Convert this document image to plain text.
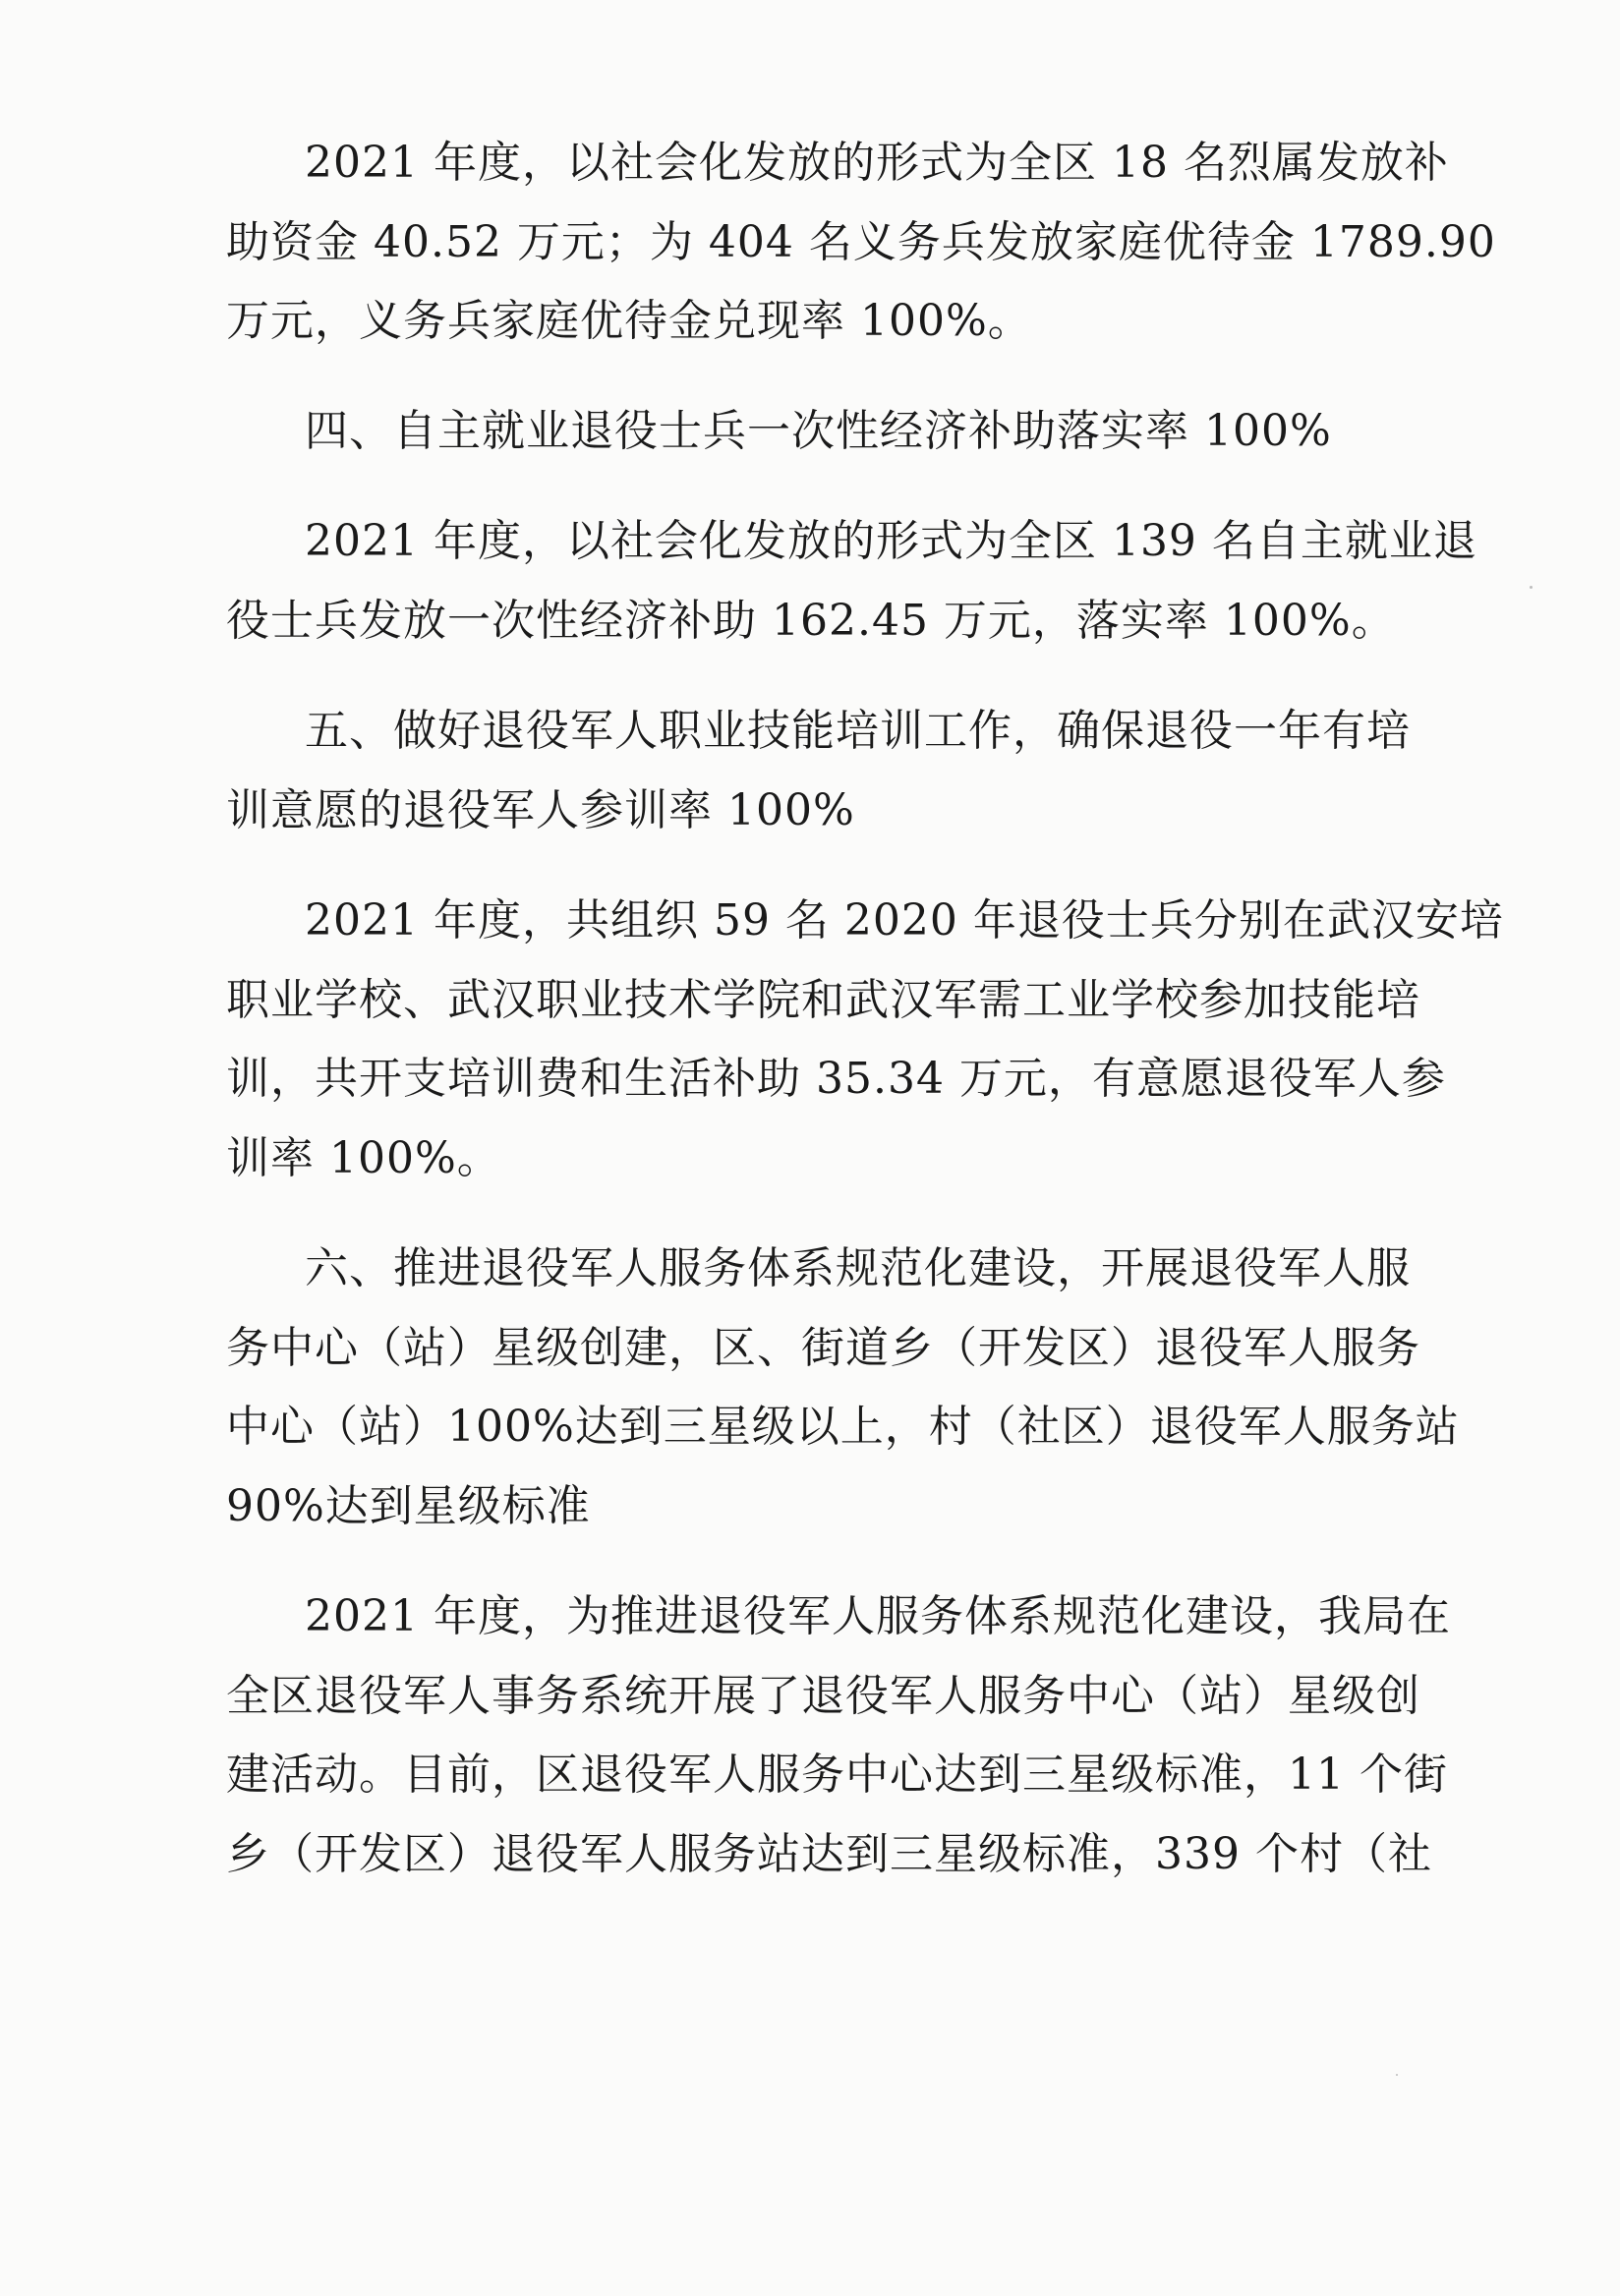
2021 年度，以社会化发放的形式为全区 18 名烈属发放补
助资金 40.52 万元；为 404 名义务兵发放家庭优待金 1789.90
万元，义务兵家庭优待金兑现率 100%。
四、自主就业退役士兵一次性经济补助落实率 100%
2021 年度，以社会化发放的形式为全区 139 名自主就业退
役士兵发放一次性经济补助 162.45 万元，落实率 100%。
五、做好退役军人职业技能培训工作，确保退役一年有培
训意愿的退役军人参训率 100%
2021 年度，共组织 59 名 2020 年退役士兵分别在武汉安培
职业学校、武汉职业技术学院和武汉军需工业学校参加技能培
训，共开支培训费和生活补助 35.34 万元，有意愿退役军人参
训率 100%。
六、推进退役军人服务体系规范化建设，开展退役军人服
务中心（站）星级创建，区、街道乡（开发区）退役军人服务
中心（站）100%达到三星级以上，村（社区）退役军人服务站
90%达到星级标准
2021 年度，为推进退役军人服务体系规范化建设，我局在
全区退役军人事务系统开展了退役军人服务中心（站）星级创
建活动。目前，区退役军人服务中心达到三星级标准，11 个街
乡（开发区）退役军人服务站达到三星级标准，339 个村（社
